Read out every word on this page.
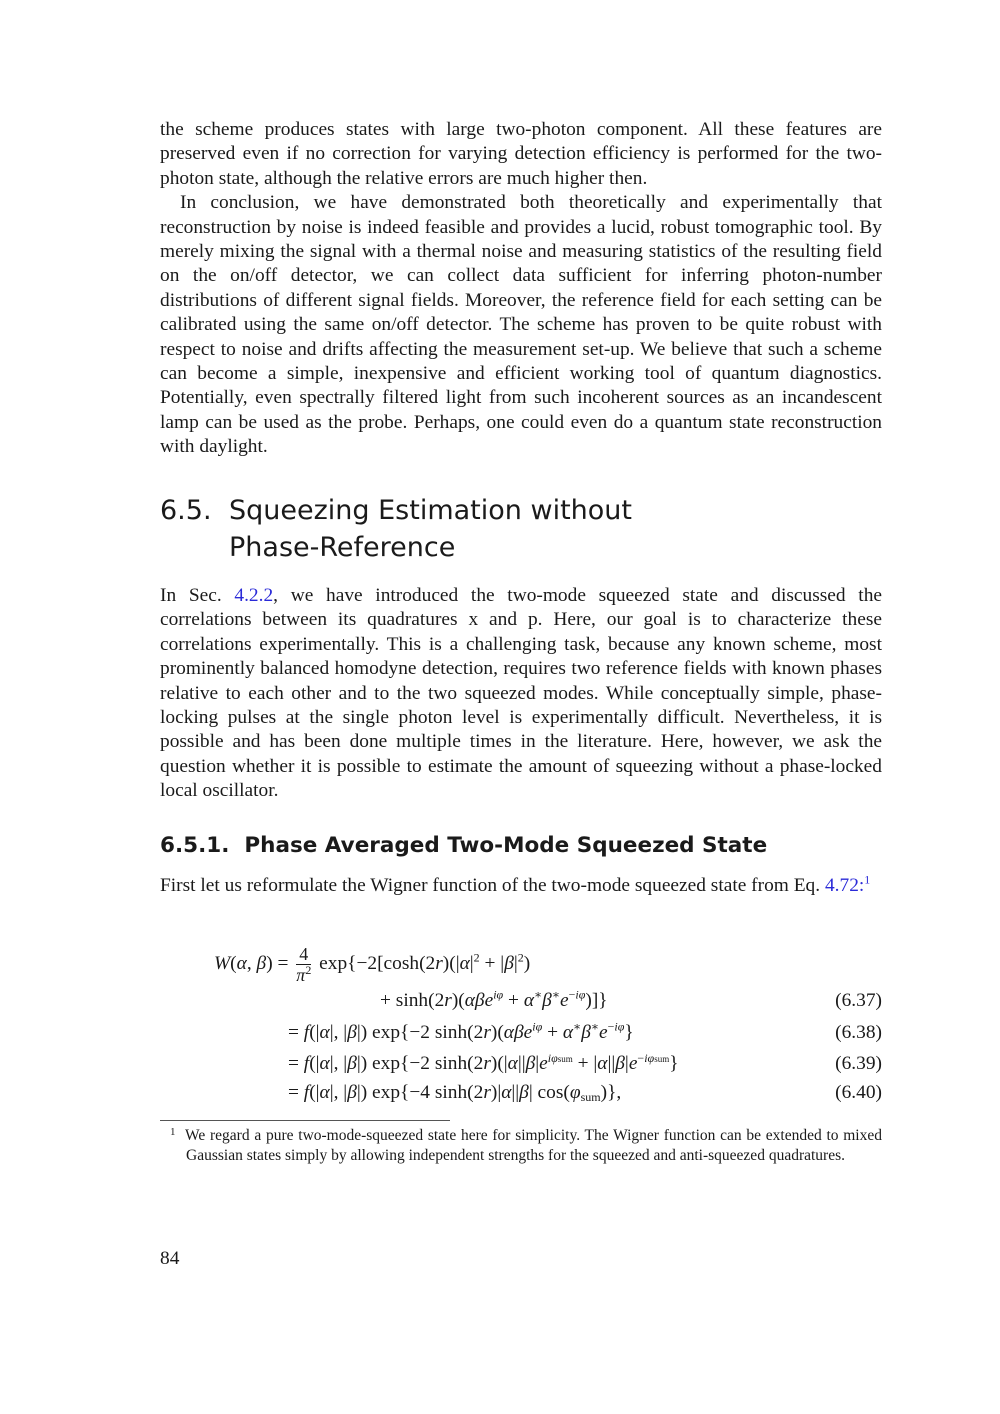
the scheme produces states with large two-photon component. All these features are preserved even if no correction for varying detection efficiency is performed for the two-photon state, although the relative errors are much higher then.

In conclusion, we have demonstrated both theoretically and experimentally that reconstruction by noise is indeed feasible and provides a lucid, robust tomographic tool. By merely mixing the signal with a thermal noise and measuring statistics of the resulting field on the on/off detector, we can collect data sufficient for inferring photon-number distributions of different signal fields. Moreover, the reference field for each setting can be calibrated using the same on/off detector. The scheme has proven to be quite robust with respect to noise and drifts affecting the measurement set-up. We believe that such a scheme can become a simple, inexpensive and efficient working tool of quantum diagnostics. Potentially, even spectrally filtered light from such incoherent sources as an incandescent lamp can be used as the probe. Perhaps, one could even do a quantum state reconstruction with daylight.

6.5. Squeezing Estimation without
Phase-Reference

In Sec. 4.2.2, we have introduced the two-mode squeezed state and discussed the correlations between its quadratures x and p. Here, our goal is to characterize these correlations experimentally. This is a challenging task, because any known scheme, most prominently balanced homodyne detection, requires two reference fields with known phases relative to each other and to the two squeezed modes. While conceptually simple, phase-locking pulses at the single photon level is experimentally difficult. Nevertheless, it is possible and has been done multiple times in the literature. Here, however, we ask the question whether it is possible to estimate the amount of squeezing without a phase-locked local oscillator.

6.5.1. Phase Averaged Two-Mode Squeezed State

First let us reformulate the Wigner function of the two-mode squeezed state from Eq. 4.72:$^1$

W(α, $\beta) = \frac{4}{\pi^2} \exp\{-2[\cosh(2r)(|\alpha|^2 + |\beta|^2)$
+ $\sinh(2r)(\alpha\beta e^{i\varphi} + \alpha^∗\beta^∗e^{-i\varphi})$]}	(6.37)
= f(|α|, |β|) exp{−2 $\sinh(2r)(\alpha\beta e^{i\varphi} + \alpha^∗\beta^∗e^{-i\varphi}\}$	(6.38)
= f(|α|, |β|) exp{−2 $\sinh(2r)(|\alpha||\beta|e^{i\varphi sum} + |\alpha||\beta|e^{-i\varphi sum}\}$	(6.39)
= f(|α|, |β|) exp{−4 sinh(2r)|α||β| $\cos(\varphi_{sum})$},	(6.40)
1 We regard a pure two-mode-squeezed state here for simplicity. The Wigner function can be extended to mixed Gaussian states simply by allowing independent strengths for the squeezed and anti-squeezed quadratures.
84
